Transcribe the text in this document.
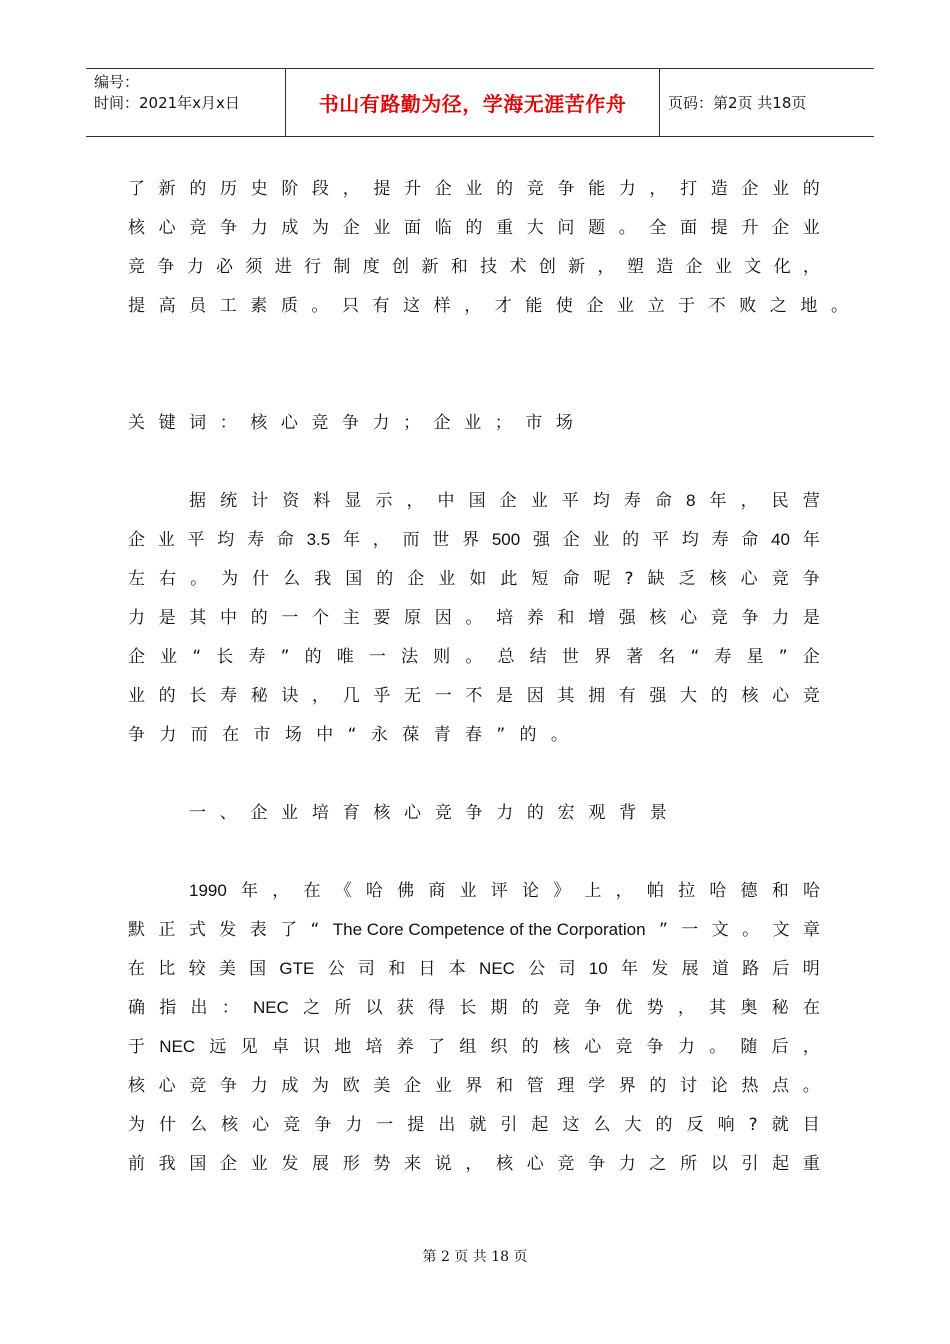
编号：
时间：2021年x月x日	书山有路勤为径，学海无涯苦作舟	页码：第2页 共18页
了 新 的 历 史 阶 段 ， 提 升 企 业 的 竞 争 能 力 ， 打 造 企 业 的
核 心 竞 争 力 成 为 企 业 面 临 的 重 大 问 题 。 全 面 提 升 企 业
竞 争 力 必 须 进 行 制 度 创 新 和 技 术 创 新 ， 塑 造 企 业 文 化 ，
提 高 员 工 素 质 。 只 有 这 样 ， 才 能 使 企 业 立 于 不 败 之 地 。
关 键 词 ： 核 心 竞 争 力 ； 企 业 ； 市 场
据 统 计 资 料 显 示 ， 中 国 企 业 平 均 寿 命 8 年 ， 民 营
企 业 平 均 寿 命 3.5 年 ， 而 世 界 500 强 企 业 的 平 均 寿 命 40 年
左 右 。 为 什 么 我 国 的 企 业 如 此 短 命 呢 ? 缺 乏 核 心 竞 争
力 是 其 中 的 一 个 主 要 原 因 。 培 养 和 增 强 核 心 竞 争 力 是
企 业 “ 长 寿 ” 的 唯 一 法 则 。 总 结 世 界 著 名 “ 寿 星 ” 企
业 的 长 寿 秘 诀 ， 几 乎 无 一 不 是 因 其 拥 有 强 大 的 核 心 竞
争 力 而 在 市 场 中 “ 永 葆 青 春 ” 的 。
一 、 企 业 培 育 核 心 竞 争 力 的 宏 观 背 景
1990 年 ， 在 《 哈 佛 商 业 评 论 》 上 ， 帕 拉 哈 德 和 哈
默 正 式 发 表 了 “ The Core Competence of the Corporation ” 一 文 。 文 章
在 比 较 美 国 GTE 公 司 和 日 本 NEC 公 司 10 年 发 展 道 路 后 明
确 指 出 ： NEC 之 所 以 获 得 长 期 的 竞 争 优 势 ， 其 奥 秘 在
于 NEC 远 见 卓 识 地 培 养 了 组 织 的 核 心 竞 争 力 。 随 后 ，
核 心 竞 争 力 成 为 欧 美 企 业 界 和 管 理 学 界 的 讨 论 热 点 。
为 什 么 核 心 竞 争 力 一 提 出 就 引 起 这 么 大 的 反 响 ? 就 目
前 我 国 企 业 发 展 形 势 来 说 ， 核 心 竞 争 力 之 所 以 引 起 重
第 2 页 共 18 页
